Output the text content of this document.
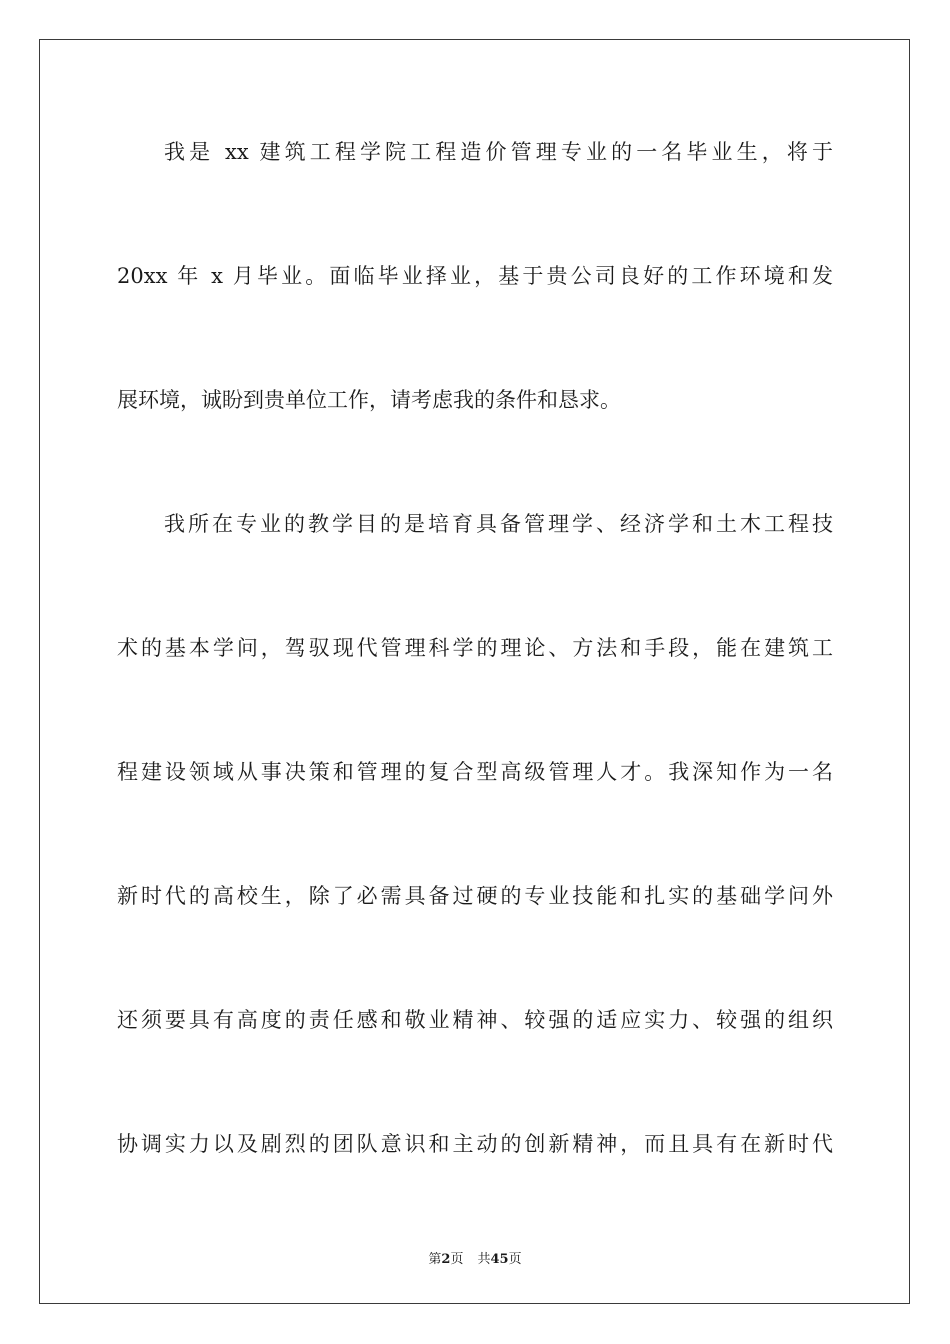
我是 xx 建筑工程学院工程造价管理专业的一名毕业生，将于

20xx 年 x 月毕业。面临毕业择业，基于贵公司良好的工作环境和发

展环境，诚盼到贵单位工作，请考虑我的条件和恳求。

我所在专业的教学目的是培育具备管理学、经济学和土木工程技

术的基本学问，驾驭现代管理科学的理论、方法和手段，能在建筑工

程建设领域从事决策和管理的复合型高级管理人才。我深知作为一名

新时代的高校生，除了必需具备过硬的专业技能和扎实的基础学问外

还须要具有高度的责任感和敬业精神、较强的适应实力、较强的组织

协调实力以及剧烈的团队意识和主动的创新精神，而且具有在新时代

第2页 共45页
